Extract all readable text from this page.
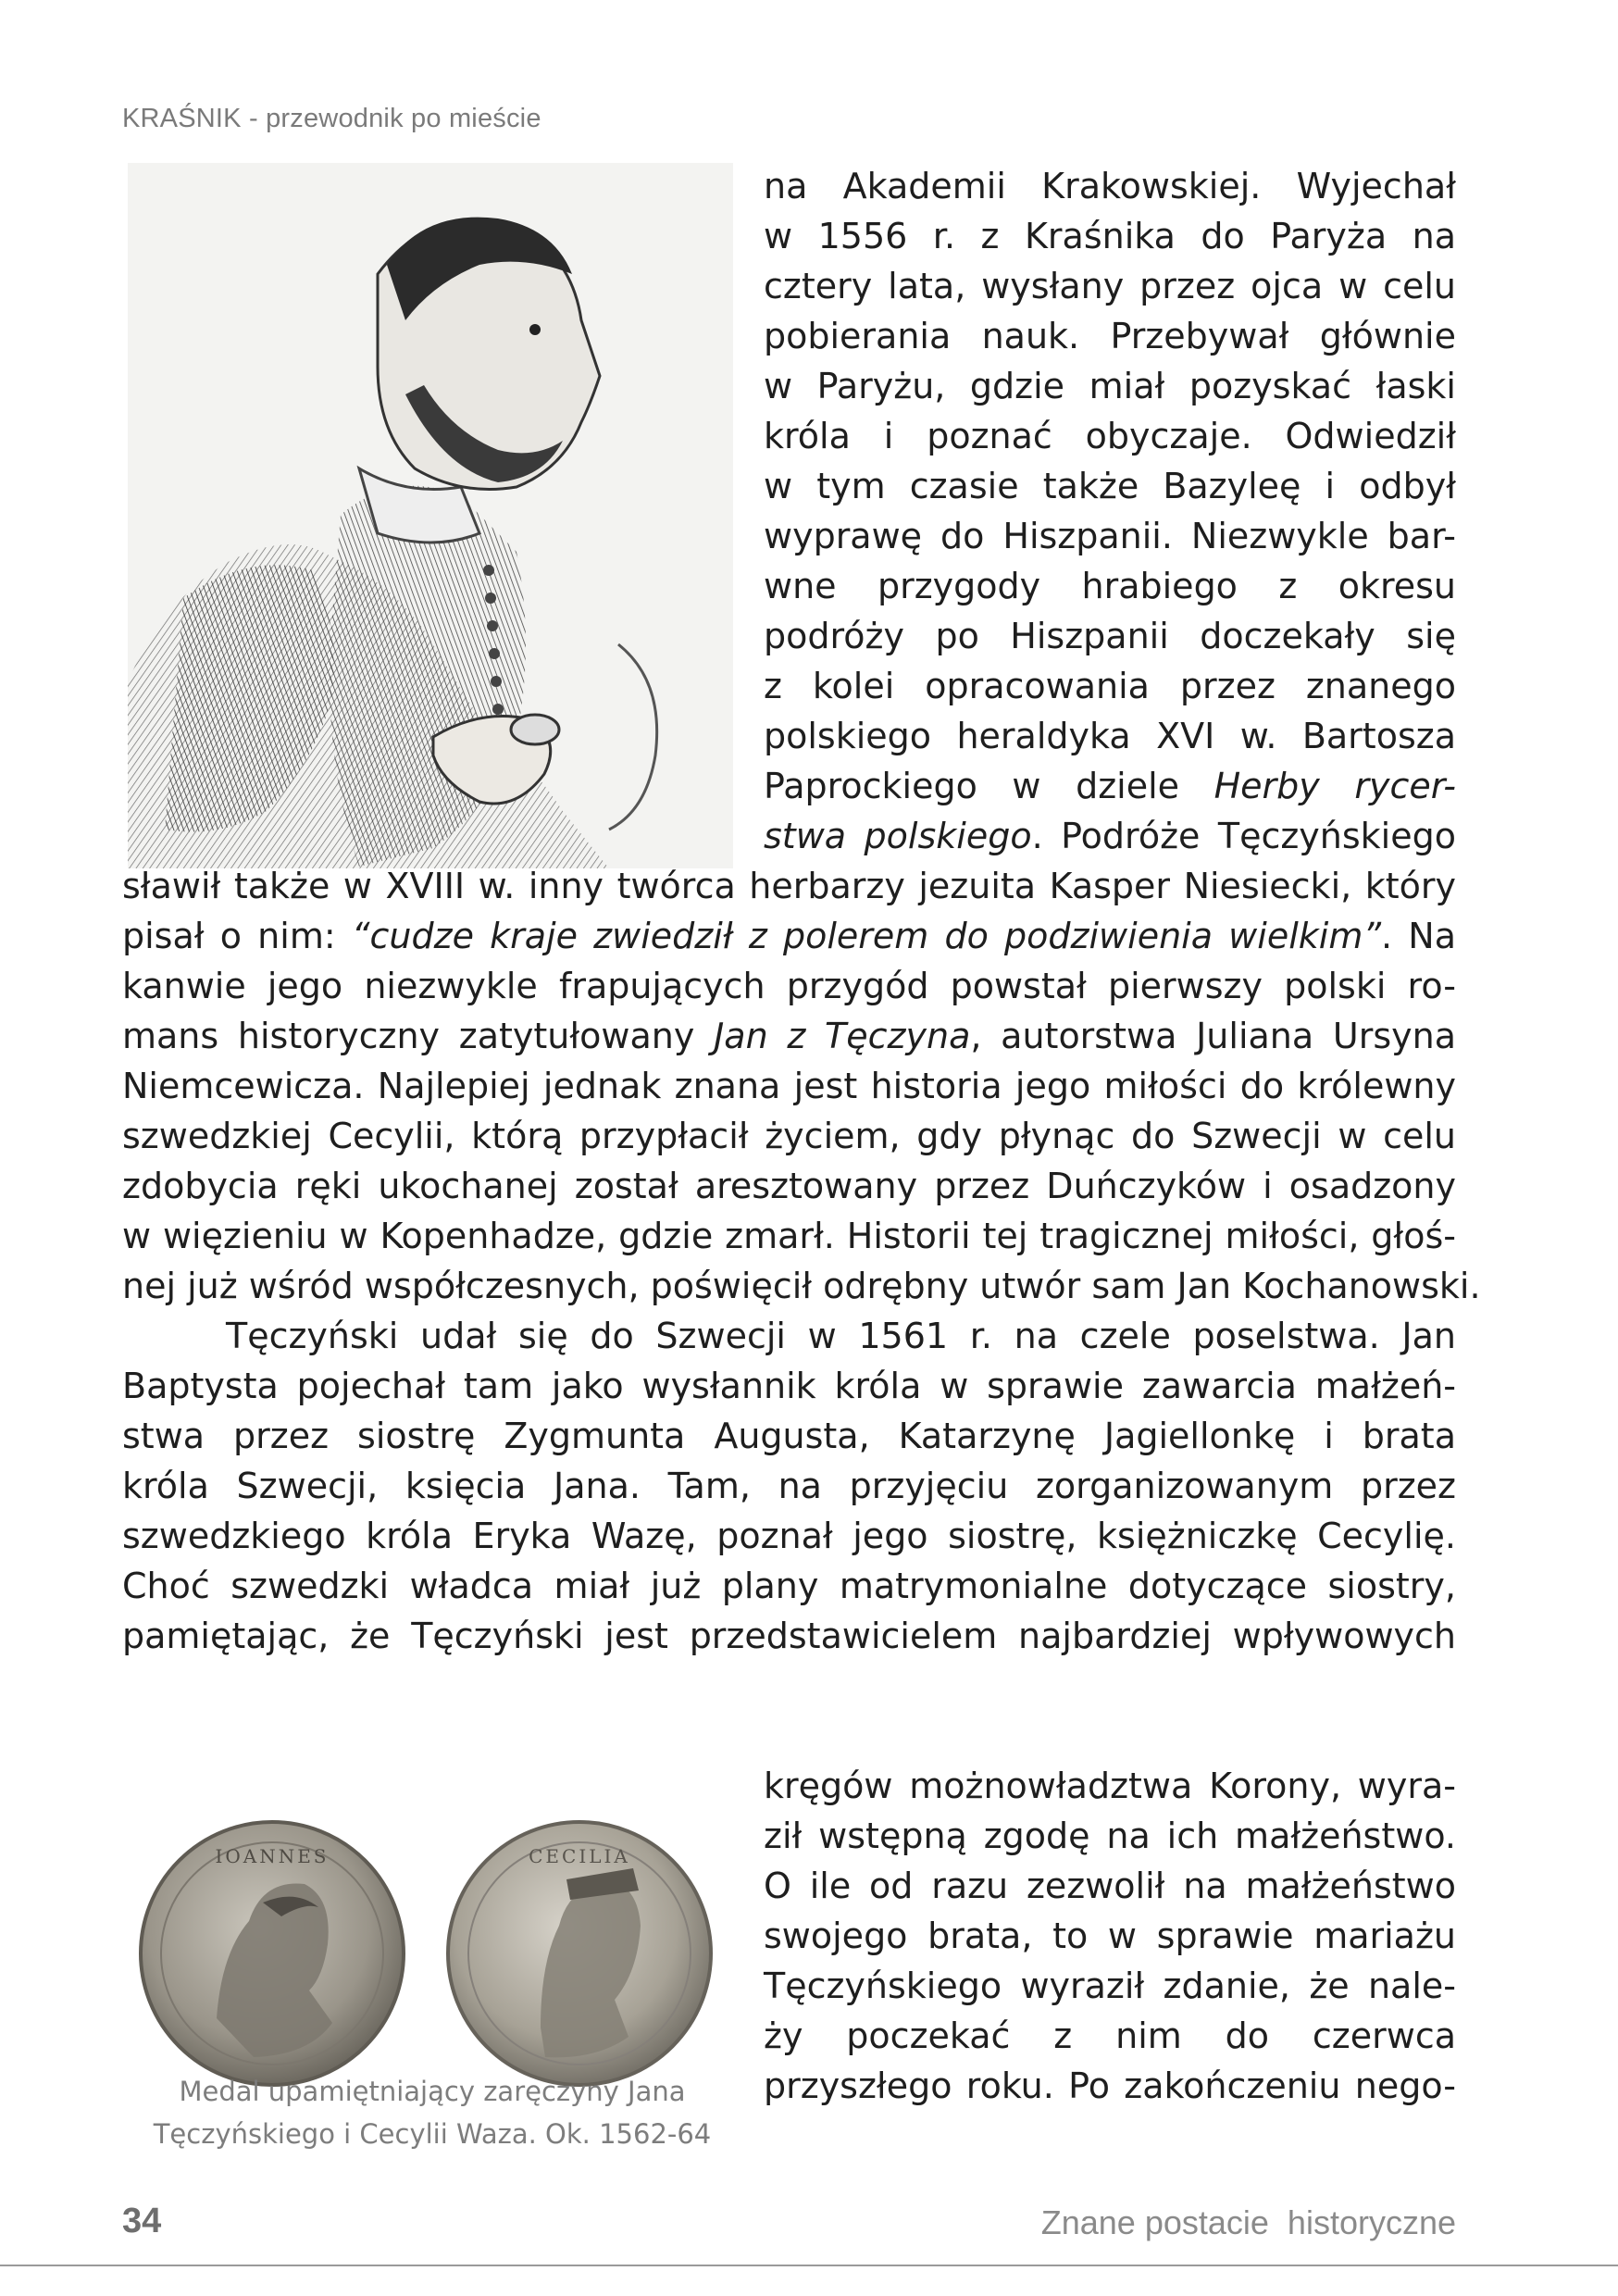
KRAŚNIK - przewodnik po mieście
na Akademii Krakowskiej. Wyjechał
w 1556 r. z Kraśnika do Paryża na
cztery lata, wysłany przez ojca w celu
pobierania nauk. Przebywał głównie
w Paryżu, gdzie miał pozyskać łaski
króla i poznać obyczaje. Odwiedził
w tym czasie także Bazyleę i odbył
wyprawę do Hiszpanii. Niezwykle bar-
wne przygody hrabiego z okresu
podróży po Hiszpanii doczekały się
z kolei opracowania przez znanego
polskiego heraldyka XVI w. Bartosza
Paprockiego w dziele Herby rycer-
stwa polskiego. Podróże Tęczyńskiego
sławił także w XVIII w. inny twórca herbarzy jezuita Kasper Niesiecki, który
pisał o nim: “cudze kraje zwiedził z polerem do podziwienia wielkim”. Na
kanwie jego niezwykle frapujących przygód powstał pierwszy polski ro-
mans historyczny zatytułowany Jan z Tęczyna, autorstwa Juliana Ursyna
Niemcewicza. Najlepiej jednak znana jest historia jego miłości do królewny
szwedzkiej Cecylii, którą przypłacił życiem, gdy płynąc do Szwecji w celu
zdobycia ręki ukochanej został aresztowany przez Duńczyków i osadzony
w więzieniu w Kopenhadze, gdzie zmarł. Historii tej tragicznej miłości, głoś-
nej już wśród współczesnych, poświęcił odrębny utwór sam Jan Kochanowski.
Tęczyński udał się do Szwecji w 1561 r. na czele poselstwa. Jan
Baptysta pojechał tam jako wysłannik króla w sprawie zawarcia małżeń-
stwa przez siostrę Zygmunta Augusta, Katarzynę Jagiellonkę i brata
króla Szwecji, księcia Jana. Tam, na przyjęciu zorganizowanym przez
szwedzkiego króla Eryka Wazę, poznał jego siostrę, księżniczkę Cecylię.
Choć szwedzki władca miał już plany matrymonialne dotyczące siostry,
pamiętając, że Tęczyński jest przedstawicielem najbardziej wpływowych
kręgów możnowładztwa Korony, wyra-
ził wstępną zgodę na ich małżeństwo.
O ile od razu zezwolił na małżeństwo
swojego brata, to w sprawie mariażu
Tęczyńskiego wyraził zdanie, że nale-
ży poczekać z nim do czerwca
przyszłego roku. Po zakończeniu nego-
IOANNES	CECILIA
Medal upamiętniający zaręczyny Jana
Tęczyńskiego i Cecylii Waza. Ok. 1562-64
34	Znane postacie  historyczne
